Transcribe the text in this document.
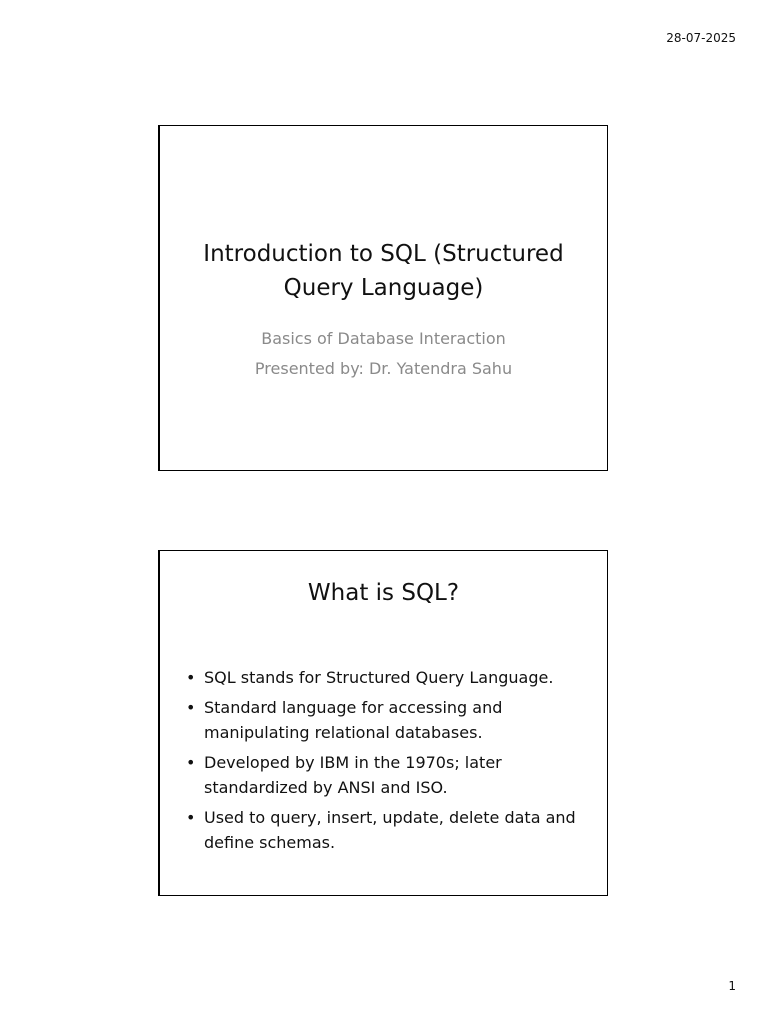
28-07-2025
Introduction to SQL (Structured
Query Language)
Basics of Database Interaction
Presented by: Dr. Yatendra Sahu
What is SQL?
• SQL stands for Structured Query Language.
• Standard language for accessing and manipulating relational databases.
• Developed by IBM in the 1970s; later standardized by ANSI and ISO.
• Used to query, insert, update, delete data and define schemas.
1
